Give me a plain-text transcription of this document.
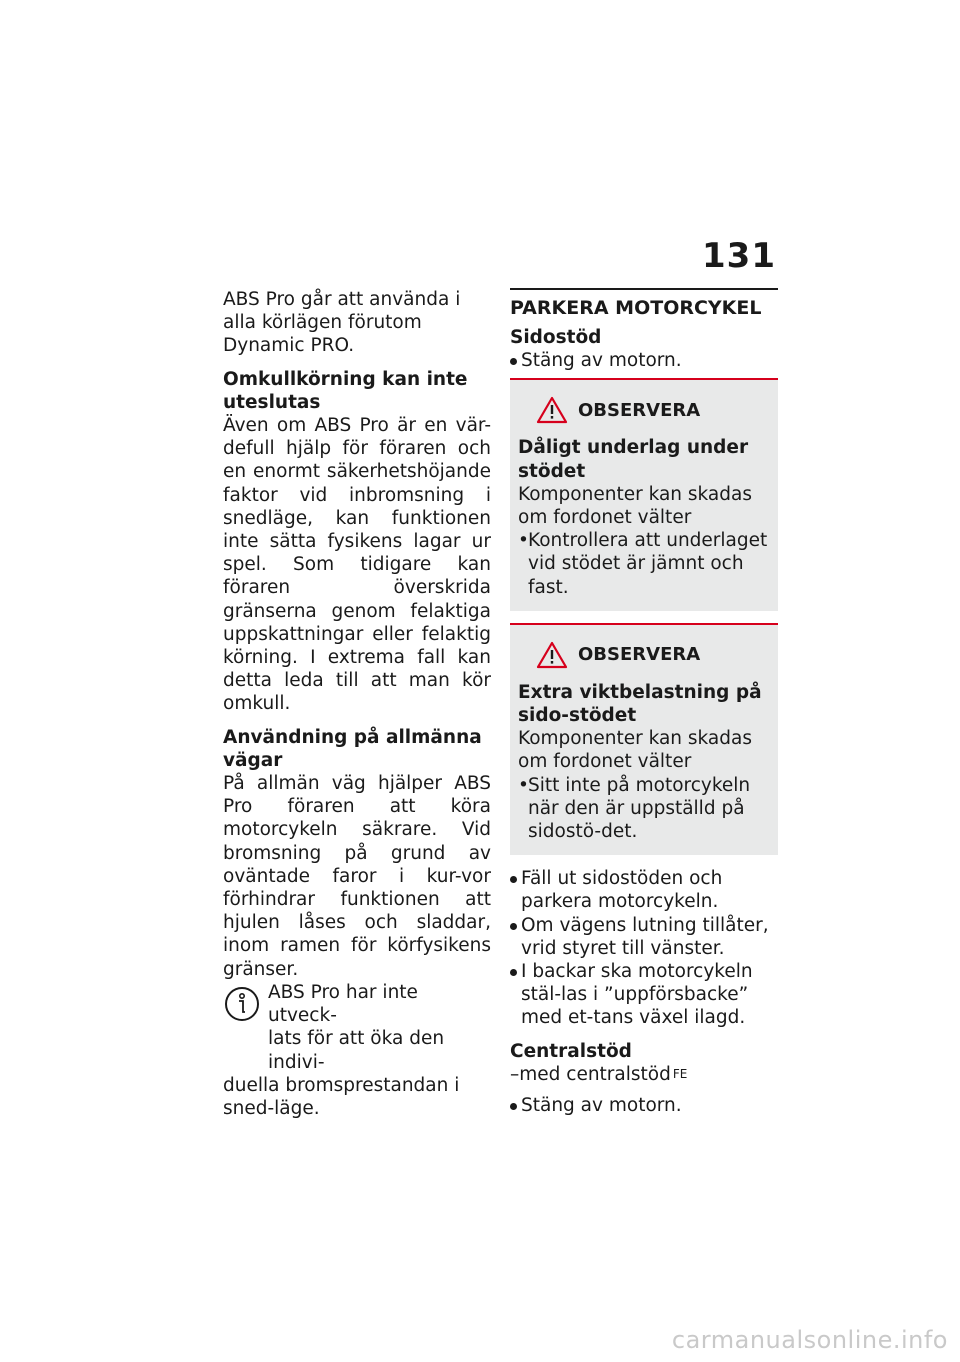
131

ABS Pro går att använda i alla körlägen förutom Dynamic PRO.

Omkullkörning kan inte uteslutas

Även om ABS Pro är en vär-defull hjälp för föraren och en enormt säkerhetshöjande faktor vid inbromsning i snedläge, kan funktionen inte sätta fysikens lagar ur spel. Som tidigare kan föraren överskrida gränserna genom felaktiga uppskattningar eller felaktig körning. I extrema fall kan detta leda till att man kör omkull.

Användning på allmänna vägar

På allmän väg hjälper ABS Pro föraren att köra motorcykeln säkrare. Vid bromsning på grund av oväntade faror i kur-vor förhindrar funktionen att hjulen låses och sladdar, inom ramen för körfysikens gränser.

ABS Pro har inte utveck-

lats för att öka den indivi-

duella bromsprestandan i sned-läge.

PARKERA MOTORCYKEL
Sidostöd
Stäng av motorn.
OBSERVERA
Dåligt underlag under stödet

Komponenter kan skadas om fordonet välter

• Kontrollera att underlaget vid stödet är jämnt och fast.
OBSERVERA
Extra viktbelastning på sido-stödet

Komponenter kan skadas om fordonet välter

• Sitt inte på motorcykeln när den är uppställd på sidostö-det.
Fäll ut sidostöden och parkera motorcykeln.
Om vägens lutning tillåter, vrid styret till vänster.
I backar ska motorcykeln stäl-las i ”uppförsbacke” med et-tans växel ilagd.
Centralstöd

–med centralstöd $^{FE}$

Stäng av motorn.
carmanualsonline.info
